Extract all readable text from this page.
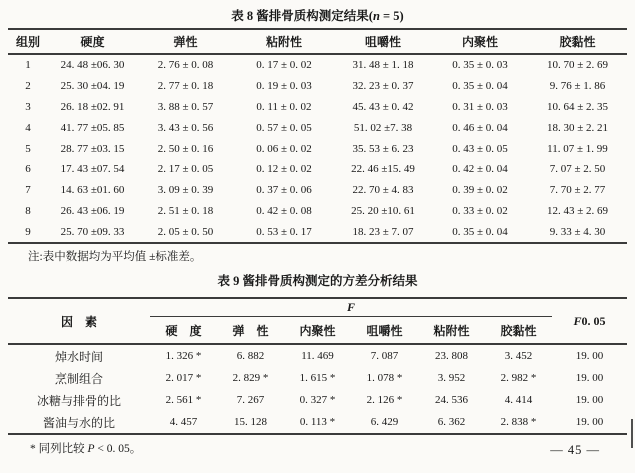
表 8 酱排骨质构测定结果(n = 5)
组别	硬度	弹性	粘附性	咀嚼性	内聚性	胶黏性
1	24. 48 ±06. 30	2. 76 ± 0. 08	0. 17 ± 0. 02	31. 48 ± 1. 18	0. 35 ± 0. 03	10. 70 ± 2. 69
2	25. 30 ±04. 19	2. 77 ± 0. 18	0. 19 ± 0. 03	32. 23 ± 0. 37	0. 35 ± 0. 04	9. 76 ± 1. 86
3	26. 18 ±02. 91	3. 88 ± 0. 57	0. 11 ± 0. 02	45. 43 ± 0. 42	0. 31 ± 0. 03	10. 64 ± 2. 35
4	41. 77 ±05. 85	3. 43 ± 0. 56	0. 57 ± 0. 05	51. 02 ±7. 38	0. 46 ± 0. 04	18. 30 ± 2. 21
5	28. 77 ±03. 15	2. 50 ± 0. 16	0. 06 ± 0. 02	35. 53 ± 6. 23	0. 43 ± 0. 05	11. 07 ± 1. 99
6	17. 43 ±07. 54	2. 17 ± 0. 05	0. 12 ± 0. 02	22. 46 ±15. 49	0. 42 ± 0. 04	7. 07 ± 2. 50
7	14. 63 ±01. 60	3. 09 ± 0. 39	0. 37 ± 0. 06	22. 70 ± 4. 83	0. 39 ± 0. 02	7. 70 ± 2. 77
8	26. 43 ±06. 19	2. 51 ± 0. 18	0. 42 ± 0. 08	25. 20 ±10. 61	0. 33 ± 0. 02	12. 43 ± 2. 69
9	25. 70 ±09. 33	2. 05 ± 0. 50	0. 53 ± 0. 17	18. 23 ± 7. 07	0. 35 ± 0. 04	9. 33 ± 4. 30
注:表中数据均为平均值 ±标准差。
表 9 酱排骨质构测定的方差分析结果
因　素	F						F0. 05
	硬　度	弹　性	内聚性	咀嚼性	粘附性	胶黏性	
焯水时间	1. 326 *	6. 882	11. 469	7. 087	23. 808	3. 452	19. 00
烹制组合	2. 017 *	2. 829 *	1. 615 *	1. 078 *	3. 952	2. 982 *	19. 00
冰糖与排骨的比	2. 561 *	7. 267	0. 327 *	2. 126 *	24. 536	4. 414	19. 00
酱油与水的比	4. 457	15. 128	0. 113 *	6. 429	6. 362	2. 838 *	19. 00
* 同列比较 P < 0. 05。	— 45 —
